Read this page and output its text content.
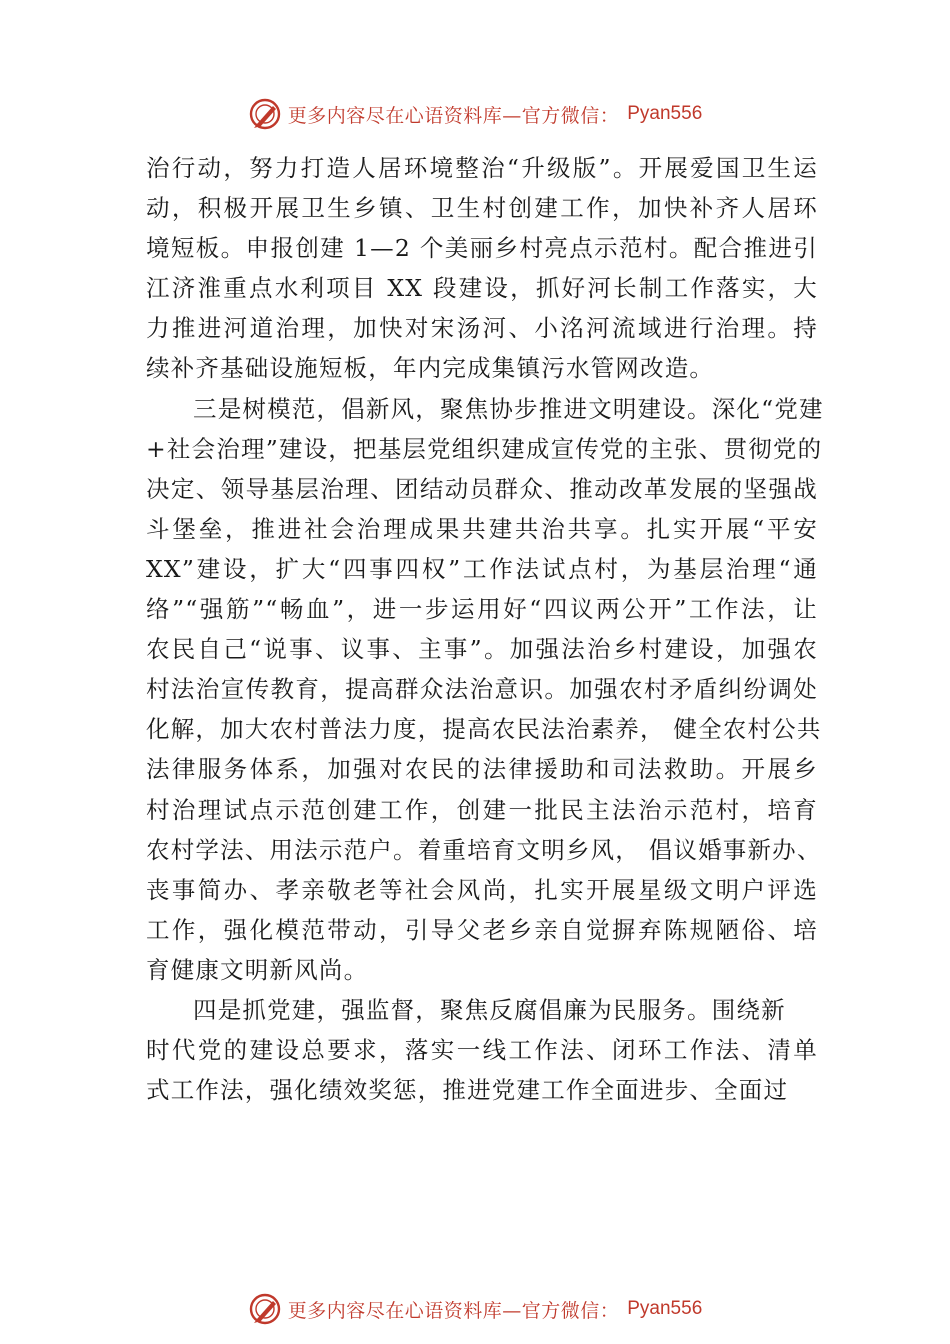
更多内容尽在心语资料库—官方微信： Pyan556
治行动，努力打造人居环境整治“升级版”。开展爱国卫生运
动，积极开展卫生乡镇、卫生村创建工作，加快补齐人居环
境短板。申报创建 1—2 个美丽乡村亮点示范村。配合推进引
江济淮重点水利项目 XX 段建设，抓好河长制工作落实，大
力推进河道治理，加快对宋汤河、小洺河流域进行治理。持
续补齐基础设施短板，年内完成集镇污水管网改造。
三是树模范，倡新风，聚焦协步推进文明建设。深化“党建
+社会治理”建设，把基层党组织建成宣传党的主张、贯彻党的
决定、领导基层治理、团结动员群众、推动改革发展的坚强战
斗堡垒，推进社会治理成果共建共治共享。扎实开展“平安
XX”建设，扩大“四事四权”工作法试点村，为基层治理“通
络”“强筋”“畅血”，进一步运用好“四议两公开”工作法，让
农民自己“说事、议事、主事”。加强法治乡村建设，加强农
村法治宣传教育，提高群众法治意识。加强农村矛盾纠纷调处
化解，加大农村普法力度，提高农民法治素养， 健全农村公共
法律服务体系，加强对农民的法律援助和司法救助。开展乡
村治理试点示范创建工作，创建一批民主法治示范村，培育
农村学法、用法示范户。着重培育文明乡风， 倡议婚事新办、
丧事简办、孝亲敬老等社会风尚，扎实开展星级文明户评选
工作，强化模范带动，引导父老乡亲自觉摒弃陈规陋俗、培
育健康文明新风尚。
四是抓党建，强监督，聚焦反腐倡廉为民服务。围绕新
时代党的建设总要求，落实一线工作法、闭环工作法、清单
式工作法，强化绩效奖惩，推进党建工作全面进步、全面过
更多内容尽在心语资料库—官方微信： Pyan556
